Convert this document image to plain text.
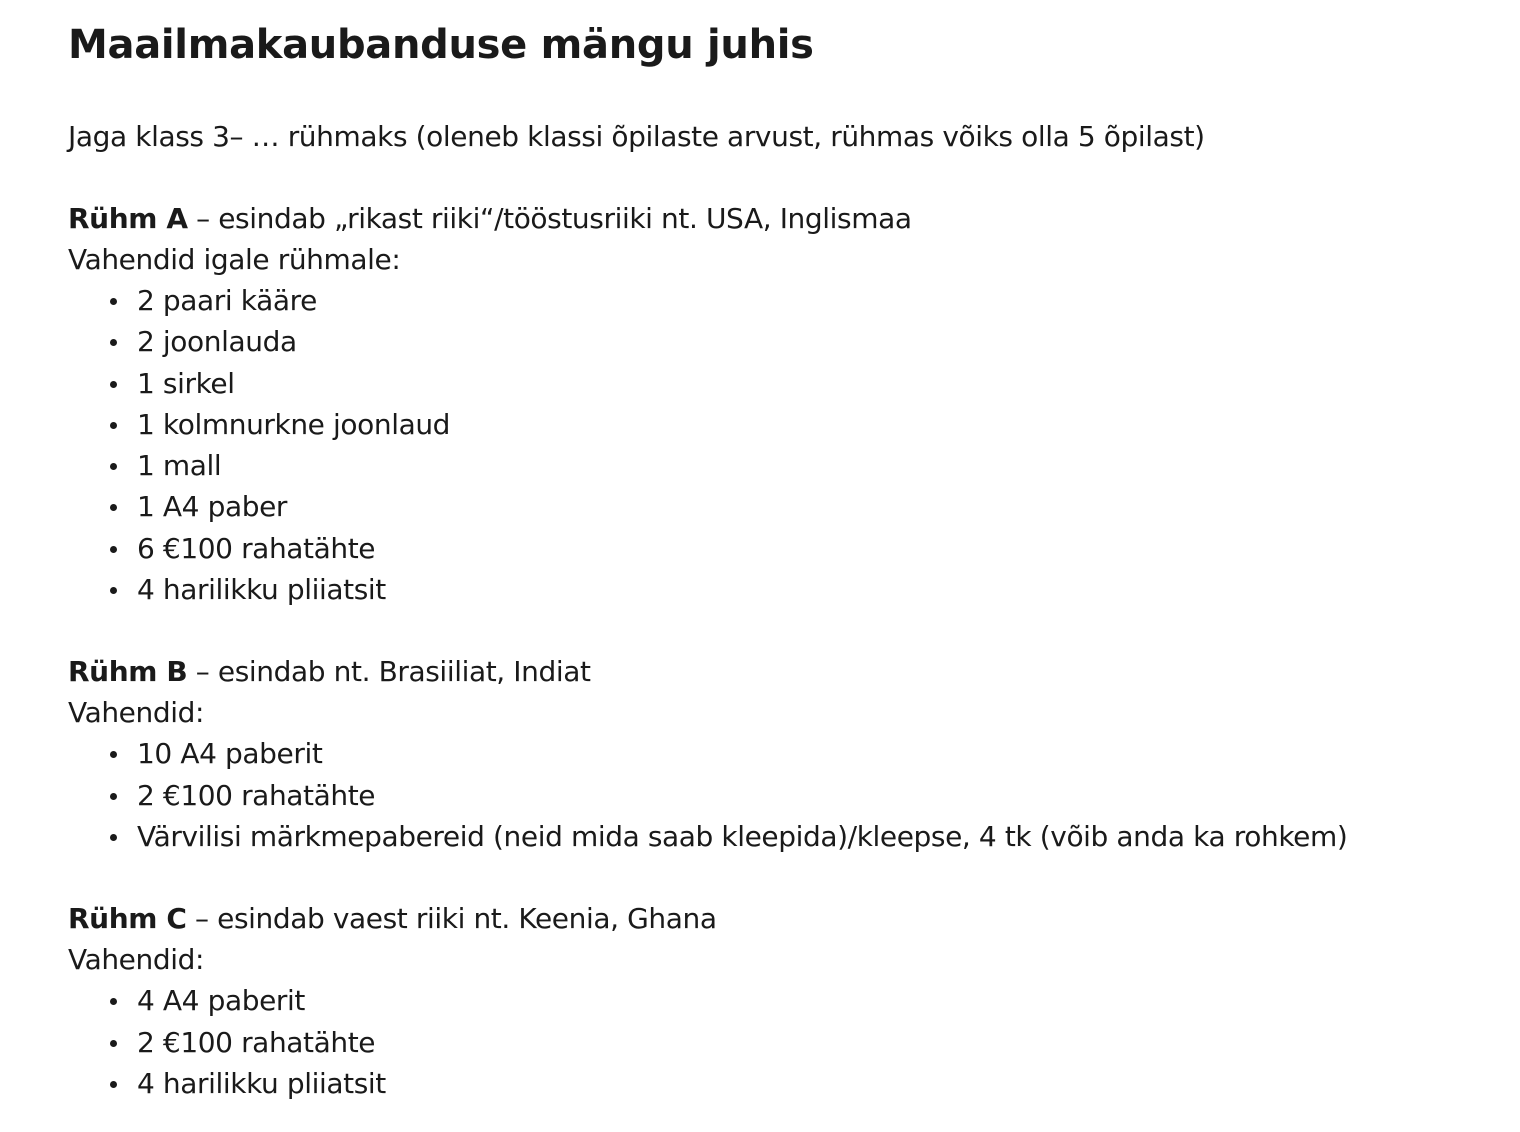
Maailmakaubanduse mängu juhis

Jaga klass 3– … rühmaks (oleneb klassi õpilaste arvust, rühmas võiks olla 5 õpilast)

Rühm A – esindab „rikast riiki“/tööstusriiki nt. USA, Inglismaa

Vahendid igale rühmale:

2 paari kääre
2 joonlauda
1 sirkel
1 kolmnurkne joonlaud
1 mall
1 A4 paber
6 €100 rahatähte
4 harilikku pliiatsit

Rühm B – esindab nt. Brasiiliat, Indiat

Vahendid:

10 A4 paberit
2 €100 rahatähte
Värvilisi märkmepabereid (neid mida saab kleepida)/kleepse, 4 tk (võib anda ka rohkem)

Rühm C – esindab vaest riiki nt. Keenia, Ghana

Vahendid:

4 A4 paberit
2 €100 rahatähte
4 harilikku pliiatsit
